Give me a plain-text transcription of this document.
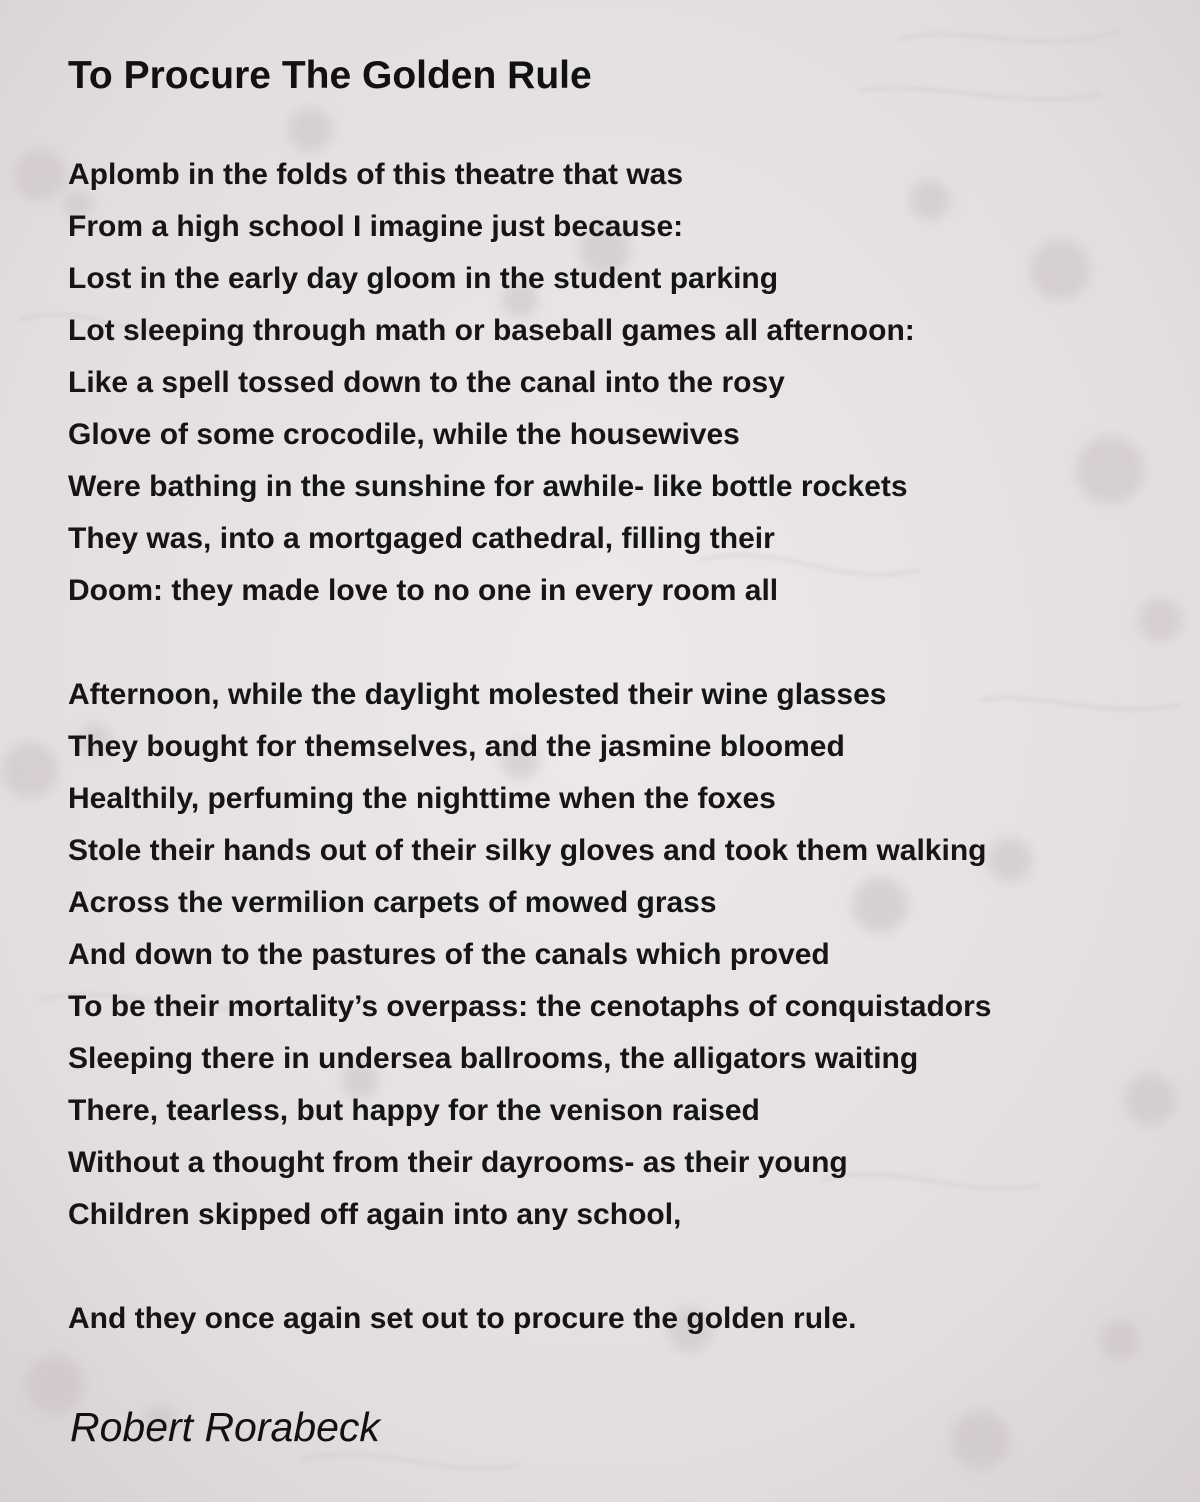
To Procure The Golden Rule
Aplomb in the folds of this theatre that was
From a high school I imagine just because:
Lost in the early day gloom in the student parking
Lot sleeping through math or baseball games all afternoon:
Like a spell tossed down to the canal into the rosy
Glove of some crocodile, while the housewives
Were bathing in the sunshine for awhile- like bottle rockets
They was, into a mortgaged cathedral, filling their
Doom: they made love to no one in every room all
Afternoon, while the daylight molested their wine glasses
They bought for themselves, and the jasmine bloomed
Healthily, perfuming the nighttime when the foxes
Stole their hands out of their silky gloves and took them walking
Across the vermilion carpets of mowed grass
And down to the pastures of the canals which proved
To be their mortality’s overpass: the cenotaphs of conquistadors
Sleeping there in undersea ballrooms, the alligators waiting
There, tearless, but happy for the venison raised
Without a thought from their dayrooms- as their young
Children skipped off again into any school,
And they once again set out to procure the golden rule.

Robert Rorabeck
